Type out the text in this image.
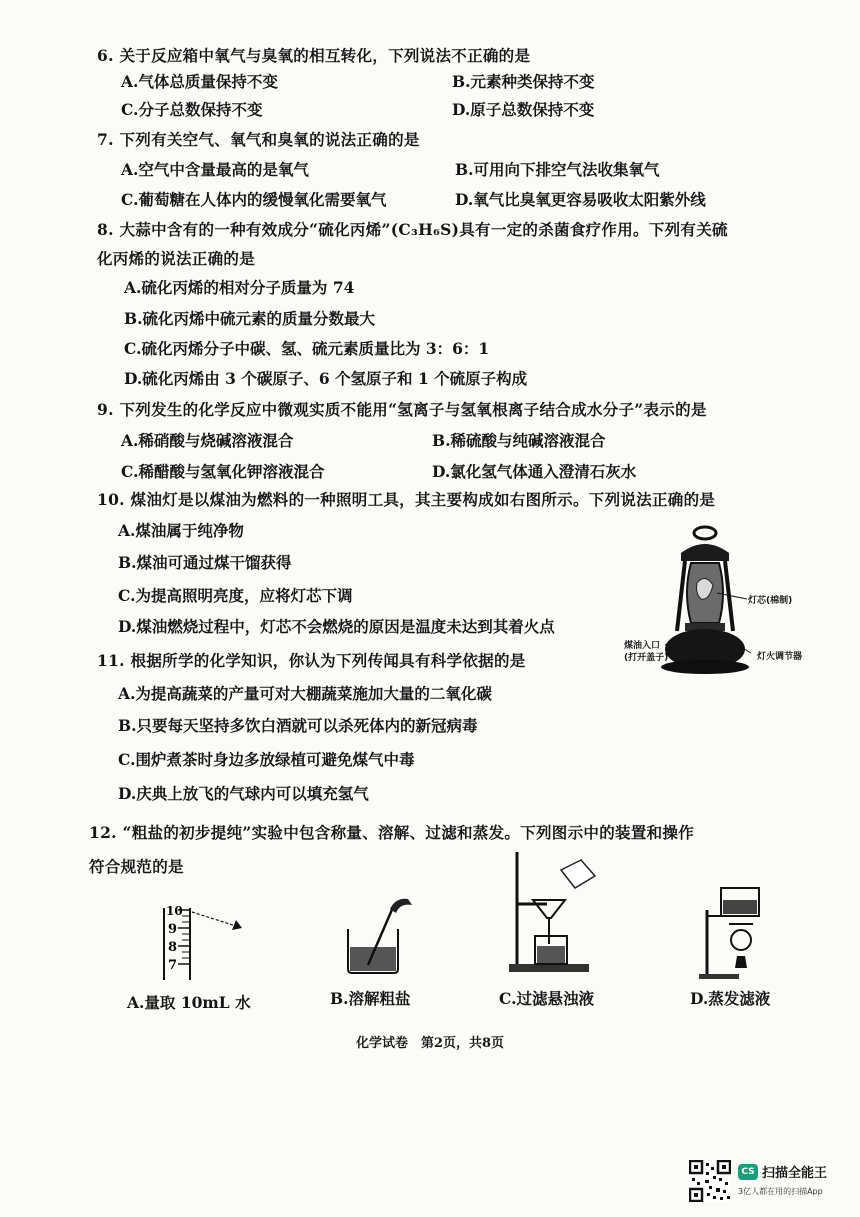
6. 关于反应箱中氧气与臭氧的相互转化，下列说法不正确的是
A.气体总质量保持不变	B.元素种类保持不变
C.分子总数保持不变	D.原子总数保持不变
7. 下列有关空气、氧气和臭氧的说法正确的是
A.空气中含量最高的是氧气	B.可用向下排空气法收集氧气
C.葡萄糖在人体内的缓慢氧化需要氧气	D.氧气比臭氧更容易吸收太阳紫外线
8. 大蒜中含有的一种有效成分“硫化丙烯”(C₃H₆S)具有一定的杀菌食疗作用。下列有关硫
化丙烯的说法正确的是
A.硫化丙烯的相对分子质量为 74
B.硫化丙烯中硫元素的质量分数最大
C.硫化丙烯分子中碳、氢、硫元素质量比为 3：6：1
D.硫化丙烯由 3 个碳原子、6 个氢原子和 1 个硫原子构成
9. 下列发生的化学反应中微观实质不能用“氢离子与氢氧根离子结合成水分子”表示的是
A.稀硝酸与烧碱溶液混合	B.稀硫酸与纯碱溶液混合
C.稀醋酸与氢氧化钾溶液混合	D.氯化氢气体通入澄清石灰水
10. 煤油灯是以煤油为燃料的一种照明工具，其主要构成如右图所示。下列说法正确的是
A.煤油属于纯净物
B.煤油可通过煤干馏获得
C.为提高照明亮度，应将灯芯下调
D.煤油燃烧过程中，灯芯不会燃烧的原因是温度未达到其着火点
灯芯(棉制)
煤油入口
(打开盖子)	灯火调节器
11. 根据所学的化学知识，你认为下列传闻具有科学依据的是
A.为提高蔬菜的产量可对大棚蔬菜施加大量的二氧化碳
B.只要每天坚持多饮白酒就可以杀死体内的新冠病毒
C.围炉煮茶时身边多放绿植可避免煤气中毒
D.庆典上放飞的气球内可以填充氢气
12. “粗盐的初步提纯”实验中包含称量、溶解、过滤和蒸发。下列图示中的装置和操作
符合规范的是
10
9
8
7
A.量取 10mL 水	B.溶解粗盐	C.过滤悬浊液	D.蒸发滤液
化学试卷　第2页，共8页
CS 扫描全能王
3亿人都在用的扫描App
